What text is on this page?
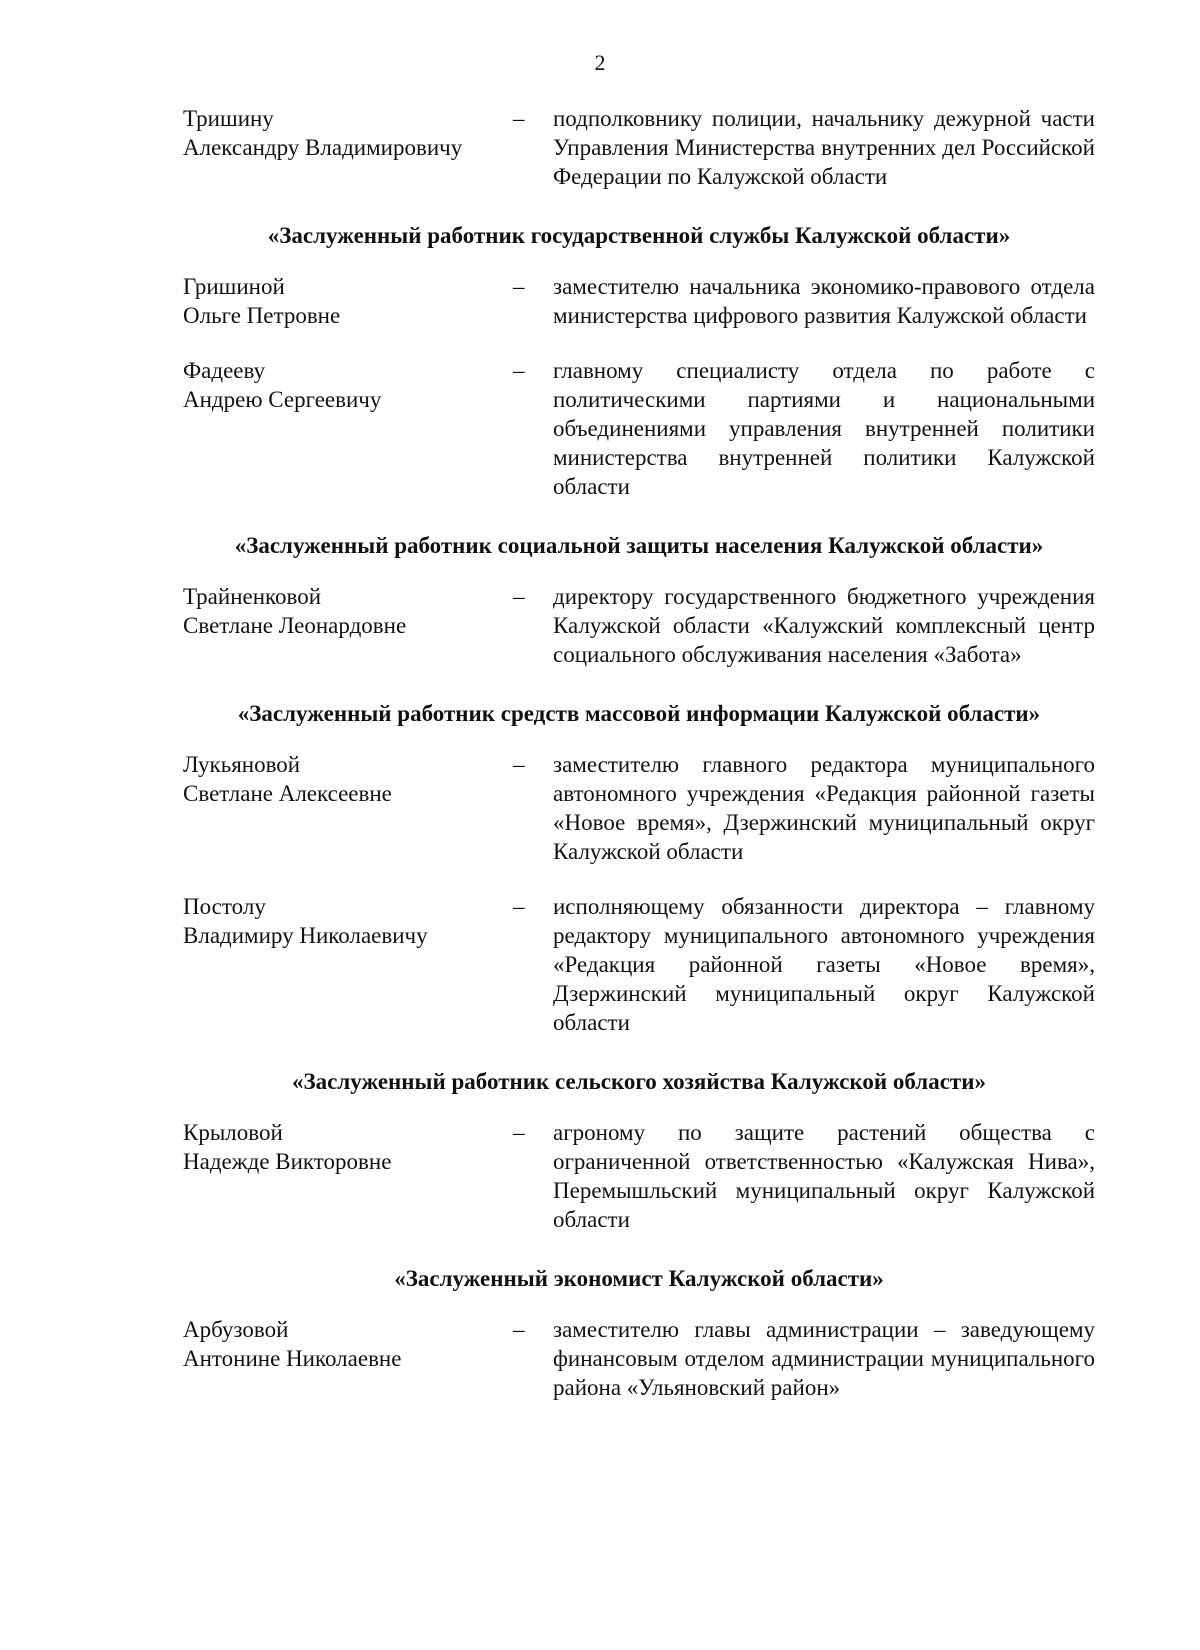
2
Тришину
Александру Владимировичу
–	подполковнику полиции, начальнику дежурной части Управления Министерства внутренних дел Российской Федерации по Калужской области
«Заслуженный работник государственной службы Калужской области»
Гришиной
Ольге Петровне
–	заместителю начальника экономико-правового отдела министерства цифрового развития Калужской области
Фадееву
Андрею Сергеевичу
–	главному специалисту отдела по работе с политическими партиями и национальными объединениями управления внутренней политики министерства внутренней политики Калужской области
«Заслуженный работник социальной защиты населения Калужской области»
Трайненковой
Светлане Леонардовне
–	директору государственного бюджетного учреждения Калужской области «Калужский комплексный центр социального обслуживания населения «Забота»
«Заслуженный работник средств массовой информации Калужской области»
Лукьяновой
Светлане Алексеевне
–	заместителю главного редактора муниципального автономного учреждения «Редакция районной газеты «Новое время», Дзержинский муниципальный округ Калужской области
Постолу
Владимиру Николаевичу
–	исполняющему обязанности директора – главному редактору муниципального автономного учреждения «Редакция районной газеты «Новое время», Дзержинский муниципальный округ Калужской области
«Заслуженный работник сельского хозяйства Калужской области»
Крыловой
Надежде Викторовне
–	агроному по защите растений общества с ограниченной ответственностью «Калужская Нива», Перемышльский муниципальный округ Калужской области
«Заслуженный экономист Калужской области»
Арбузовой
Антонине Николаевне
–	заместителю главы администрации – заведующему финансовым отделом администрации муниципального района «Ульяновский район»
